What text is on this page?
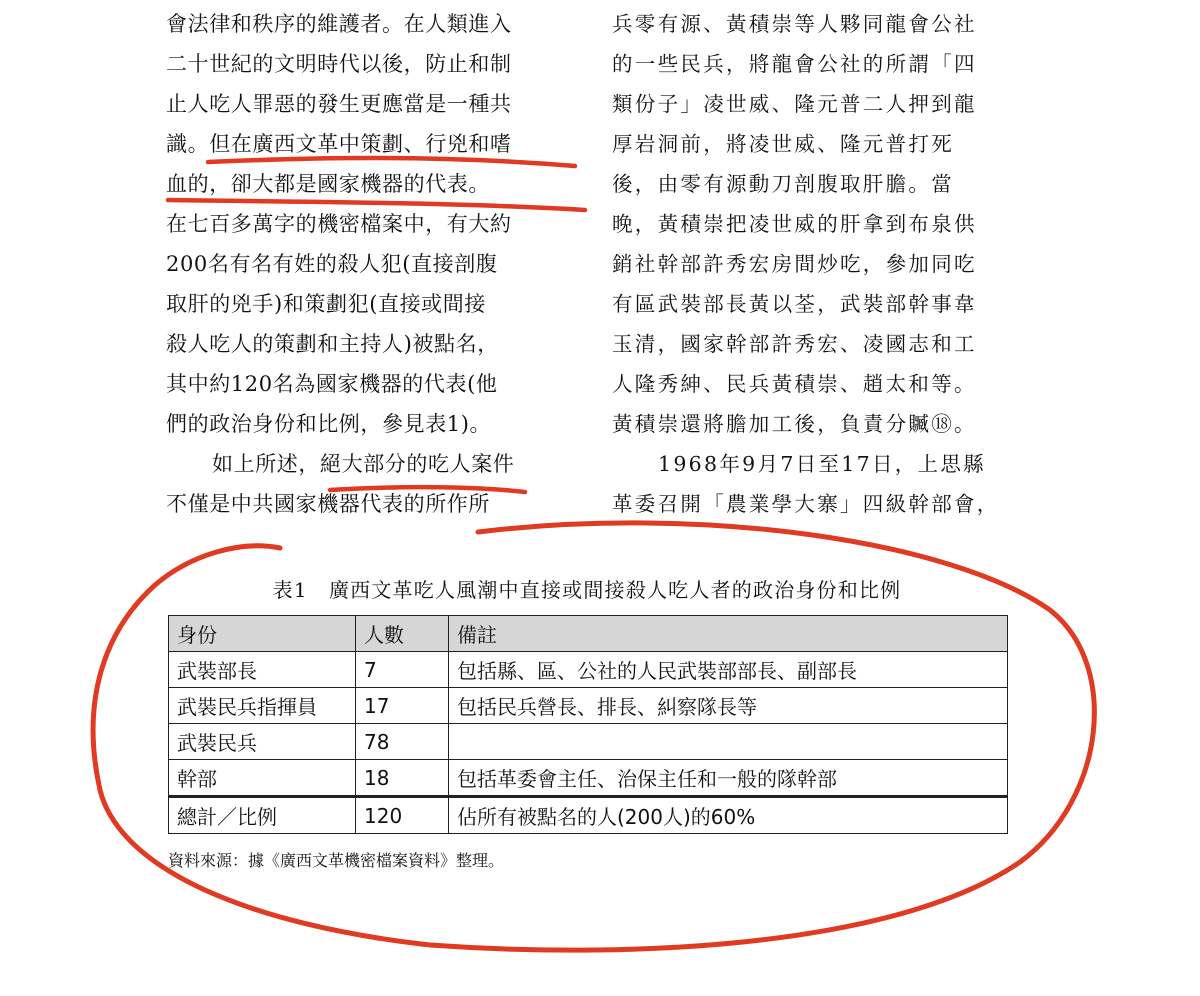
會法律和秩序的維護者。在人類進入
二十世紀的文明時代以後，防止和制
止人吃人罪惡的發生更應當是一種共
識。但在廣西文革中策劃、行兇和嗜
血的，卻大都是國家機器的代表。
在七百多萬字的機密檔案中，有大約
200名有名有姓的殺人犯(直接剖腹
取肝的兇手)和策劃犯(直接或間接
殺人吃人的策劃和主持人)被點名，
其中約120名為國家機器的代表(他
們的政治身份和比例，參見表1)。
如上所述，絕大部分的吃人案件
不僅是中共國家機器代表的所作所
兵零有源、黃積崇等人夥同龍會公社
的一些民兵，將龍會公社的所謂「四
類份子」凌世威、隆元普二人押到龍
厚岩洞前，將凌世威、隆元普打死
後，由零有源動刀剖腹取肝膽。當
晚，黃積崇把凌世威的肝拿到布泉供
銷社幹部許秀宏房間炒吃，參加同吃
有區武裝部長黃以荃，武裝部幹事韋
玉清，國家幹部許秀宏、凌國志和工
人隆秀紳、民兵黃積崇、趙太和等。
黃積崇還將膽加工後，負責分贓⑱。
1968年9月7日至17日，上思縣
革委召開「農業學大寨」四級幹部會，
表1　廣西文革吃人風潮中直接或間接殺人吃人者的政治身份和比例
身份	人數	備註
武裝部長	7	包括縣、區、公社的人民武裝部部長、副部長
武裝民兵指揮員	17	包括民兵營長、排長、糾察隊長等
武裝民兵	78	
幹部	18	包括革委會主任、治保主任和一般的隊幹部
總計／比例	120	佔所有被點名的人(200人)的60%
資料來源：據《廣西文革機密檔案資料》整理。
